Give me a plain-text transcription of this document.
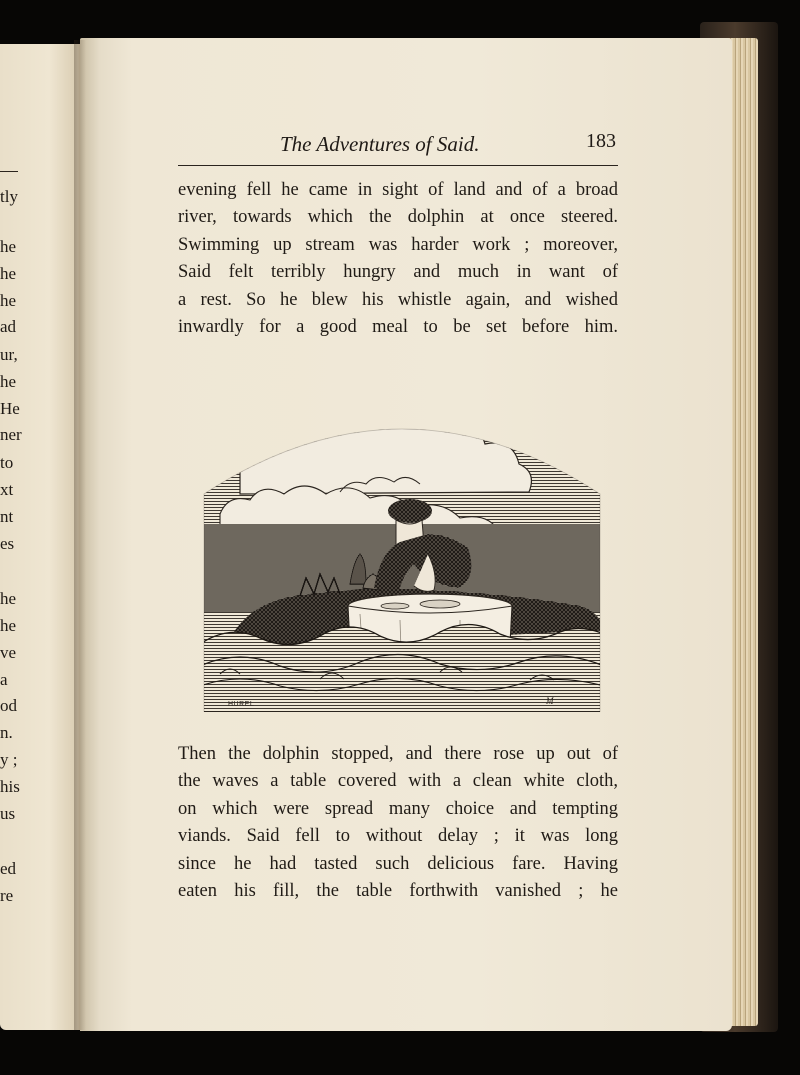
tly
he
he
he
ad
ur,
he
He
ner
to
xt
nt
es
he
he
ve
a
od
n.
y ;
his
us
ed
re
The Adventures of Said.	183
evening fell he came in sight of land and of a broad
river, towards which the dolphin at once steered.
Swimming up stream was harder work ; moreover,
Said felt terribly hungry and much in want of
a rest. So he blew his whistle again, and wished
inwardly for a good meal to be set before him.
HUREL	M
Then the dolphin stopped, and there rose up out of
the waves a table covered with a clean white cloth,
on which were spread many choice and tempting
viands. Said fell to without delay ; it was long
since he had tasted such delicious fare. Having
eaten his fill, the table forthwith vanished ; he
